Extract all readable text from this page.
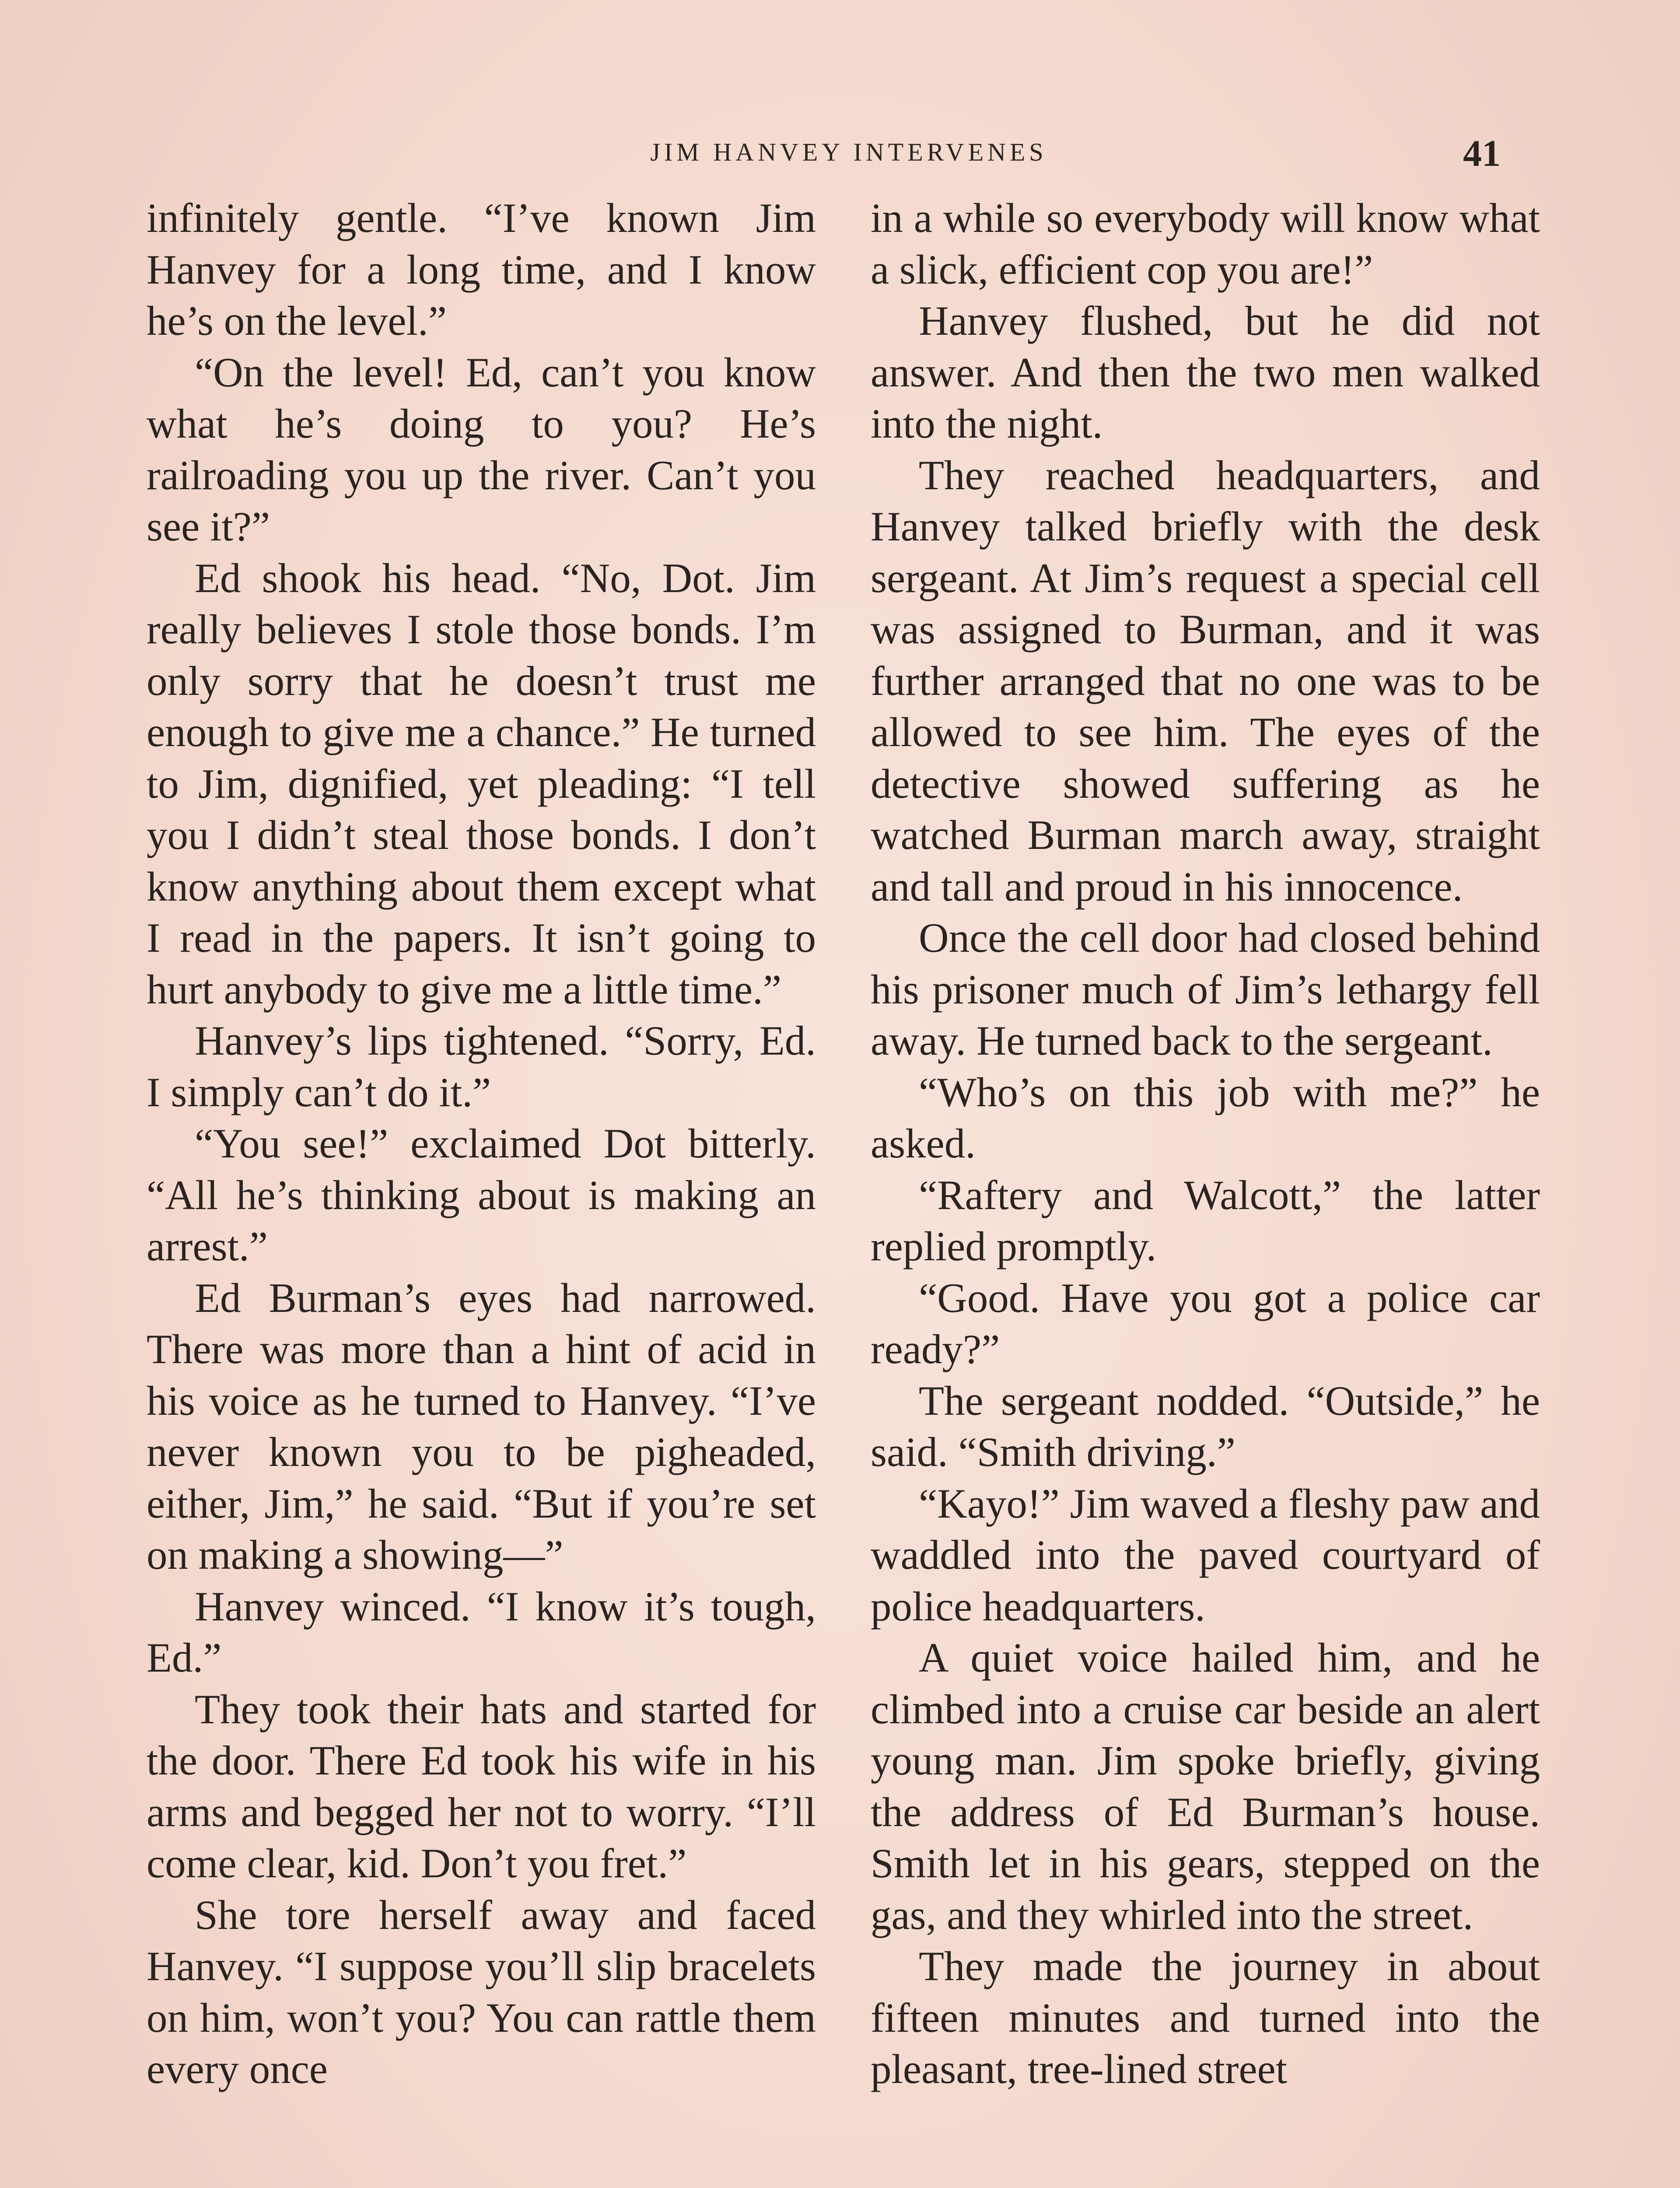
JIM HANVEY INTERVENES	41

infinitely gentle. “I’ve known Jim Hanvey for a long time, and I know he’s on the level.”

“On the level! Ed, can’t you know what he’s doing to you? He’s railroading you up the river. Can’t you see it?”

Ed shook his head. “No, Dot. Jim really believes I stole those bonds. I’m only sorry that he doesn’t trust me enough to give me a chance.” He turned to Jim, dignified, yet pleading: “I tell you I didn’t steal those bonds. I don’t know anything about them except what I read in the papers. It isn’t going to hurt anybody to give me a little time.”

Hanvey’s lips tightened. “Sorry, Ed. I simply can’t do it.”

“You see!” exclaimed Dot bitterly. “All he’s thinking about is making an arrest.”

Ed Burman’s eyes had narrowed. There was more than a hint of acid in his voice as he turned to Hanvey. “I’ve never known you to be pigheaded, either, Jim,” he said. “But if you’re set on making a showing—”

Hanvey winced. “I know it’s tough, Ed.”

They took their hats and started for the door. There Ed took his wife in his arms and begged her not to worry. “I’ll come clear, kid. Don’t you fret.”

She tore herself away and faced Hanvey. “I suppose you’ll slip bracelets on him, won’t you? You can rattle them every once

in a while so everybody will know what a slick, efficient cop you are!”

Hanvey flushed, but he did not answer. And then the two men walked into the night.

They reached headquarters, and Hanvey talked briefly with the desk sergeant. At Jim’s request a special cell was assigned to Burman, and it was further arranged that no one was to be allowed to see him. The eyes of the detective showed suffering as he watched Burman march away, straight and tall and proud in his innocence.

Once the cell door had closed behind his prisoner much of Jim’s lethargy fell away. He turned back to the sergeant.

“Who’s on this job with me?” he asked.

“Raftery and Walcott,” the latter replied promptly.

“Good. Have you got a police car ready?”

The sergeant nodded. “Outside,” he said. “Smith driving.”

“Kayo!” Jim waved a fleshy paw and waddled into the paved courtyard of police headquarters.

A quiet voice hailed him, and he climbed into a cruise car beside an alert young man. Jim spoke briefly, giving the address of Ed Burman’s house. Smith let in his gears, stepped on the gas, and they whirled into the street.

They made the journey in about fifteen minutes and turned into the pleasant, tree-lined street
